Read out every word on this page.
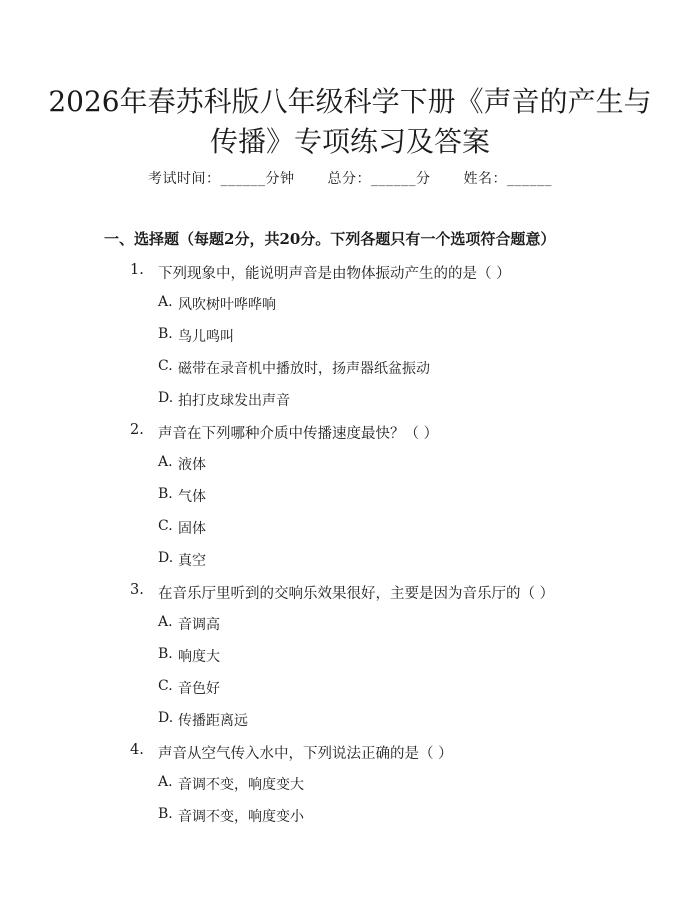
2026年春苏科版八年级科学下册《声音的产生与传播》专项练习及答案
考试时间：______分钟 总分：______分 姓名：______
一、选择题（每题2分，共20分。下列各题只有一个选项符合题意）
1. 下列现象中，能说明声音是由物体振动产生的的是（ ）
A. 风吹树叶哗哗响
B. 鸟儿鸣叫
C. 磁带在录音机中播放时，扬声器纸盆振动
D. 拍打皮球发出声音
2. 声音在下列哪种介质中传播速度最快？（ ）
A. 液体
B. 气体
C. 固体
D. 真空
3. 在音乐厅里听到的交响乐效果很好，主要是因为音乐厅的（ ）
A. 音调高
B. 响度大
C. 音色好
D. 传播距离远
4. 声音从空气传入水中，下列说法正确的是（ ）
A. 音调不变，响度变大
B. 音调不变，响度变小
